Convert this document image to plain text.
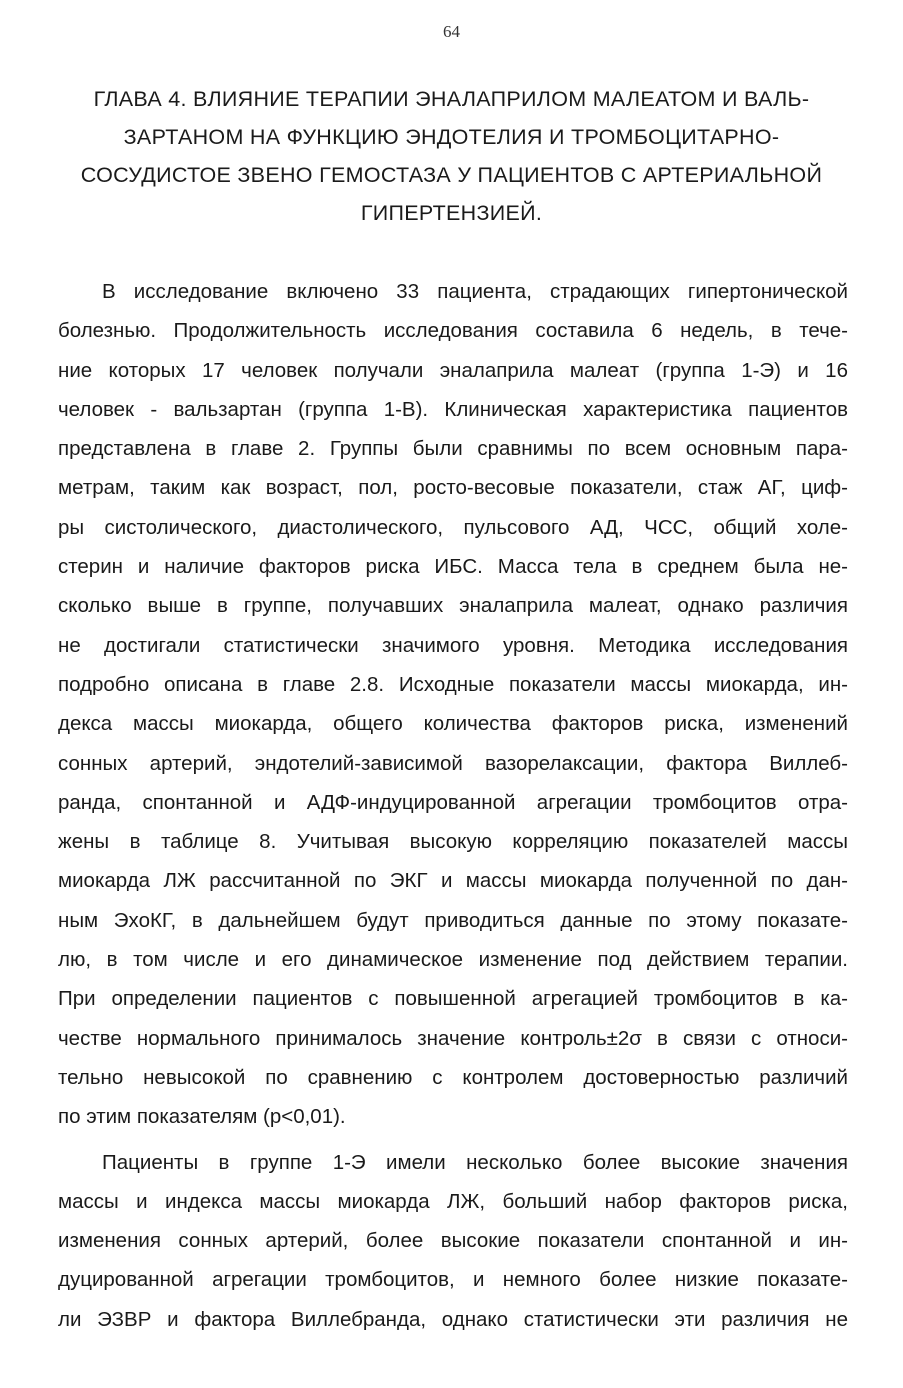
64
ГЛАВА 4. ВЛИЯНИЕ ТЕРАПИИ ЭНАЛАПРИЛОМ МАЛЕАТОМ И ВАЛЬ-
ЗАРТАНОМ НА ФУНКЦИЮ ЭНДОТЕЛИЯ И ТРОМБОЦИТАРНО-
СОСУДИСТОЕ ЗВЕНО ГЕМОСТАЗА У ПАЦИЕНТОВ С АРТЕРИАЛЬНОЙ
ГИПЕРТЕНЗИЕЙ.
В исследование включено 33 пациента, страдающих гипертонической
болезнью. Продолжительность исследования составила 6 недель, в тече-
ние которых 17 человек получали эналаприла малеат (группа 1-Э) и 16
человек - вальзартан (группа 1-В). Клиническая характеристика пациентов
представлена в главе 2. Группы были сравнимы по всем основным пара-
метрам, таким как возраст, пол, росто-весовые показатели, стаж АГ, циф-
ры систолического, диастолического, пульсового АД, ЧСС, общий холе-
стерин и наличие факторов риска ИБС. Масса тела в среднем была не-
сколько выше в группе, получавших эналаприла малеат, однако различия
не достигали статистически значимого уровня. Методика исследования
подробно описана в главе 2.8. Исходные показатели массы миокарда, ин-
декса массы миокарда, общего количества факторов риска, изменений
сонных артерий, эндотелий-зависимой вазорелаксации, фактора Виллеб-
ранда, спонтанной и АДФ-индуцированной агрегации тромбоцитов отра-
жены в таблице 8. Учитывая высокую корреляцию показателей массы
миокарда ЛЖ рассчитанной по ЭКГ и массы миокарда полученной по дан-
ным ЭхоКГ, в дальнейшем будут приводиться данные по этому показате-
лю, в том числе и его динамическое изменение под действием терапии.
При определении пациентов с повышенной агрегацией тромбоцитов в ка-
честве нормального принималось значение контроль±2σ в связи с относи-
тельно невысокой по сравнению с контролем достоверностью различий
по этим показателям (р<0,01).
Пациенты в группе 1-Э имели несколько более высокие значения
массы и индекса массы миокарда ЛЖ, больший набор факторов риска,
изменения сонных артерий, более высокие показатели спонтанной и ин-
дуцированной агрегации тромбоцитов, и немного более низкие показате-
ли ЭЗВР и фактора Виллебранда, однако статистически эти различия не
